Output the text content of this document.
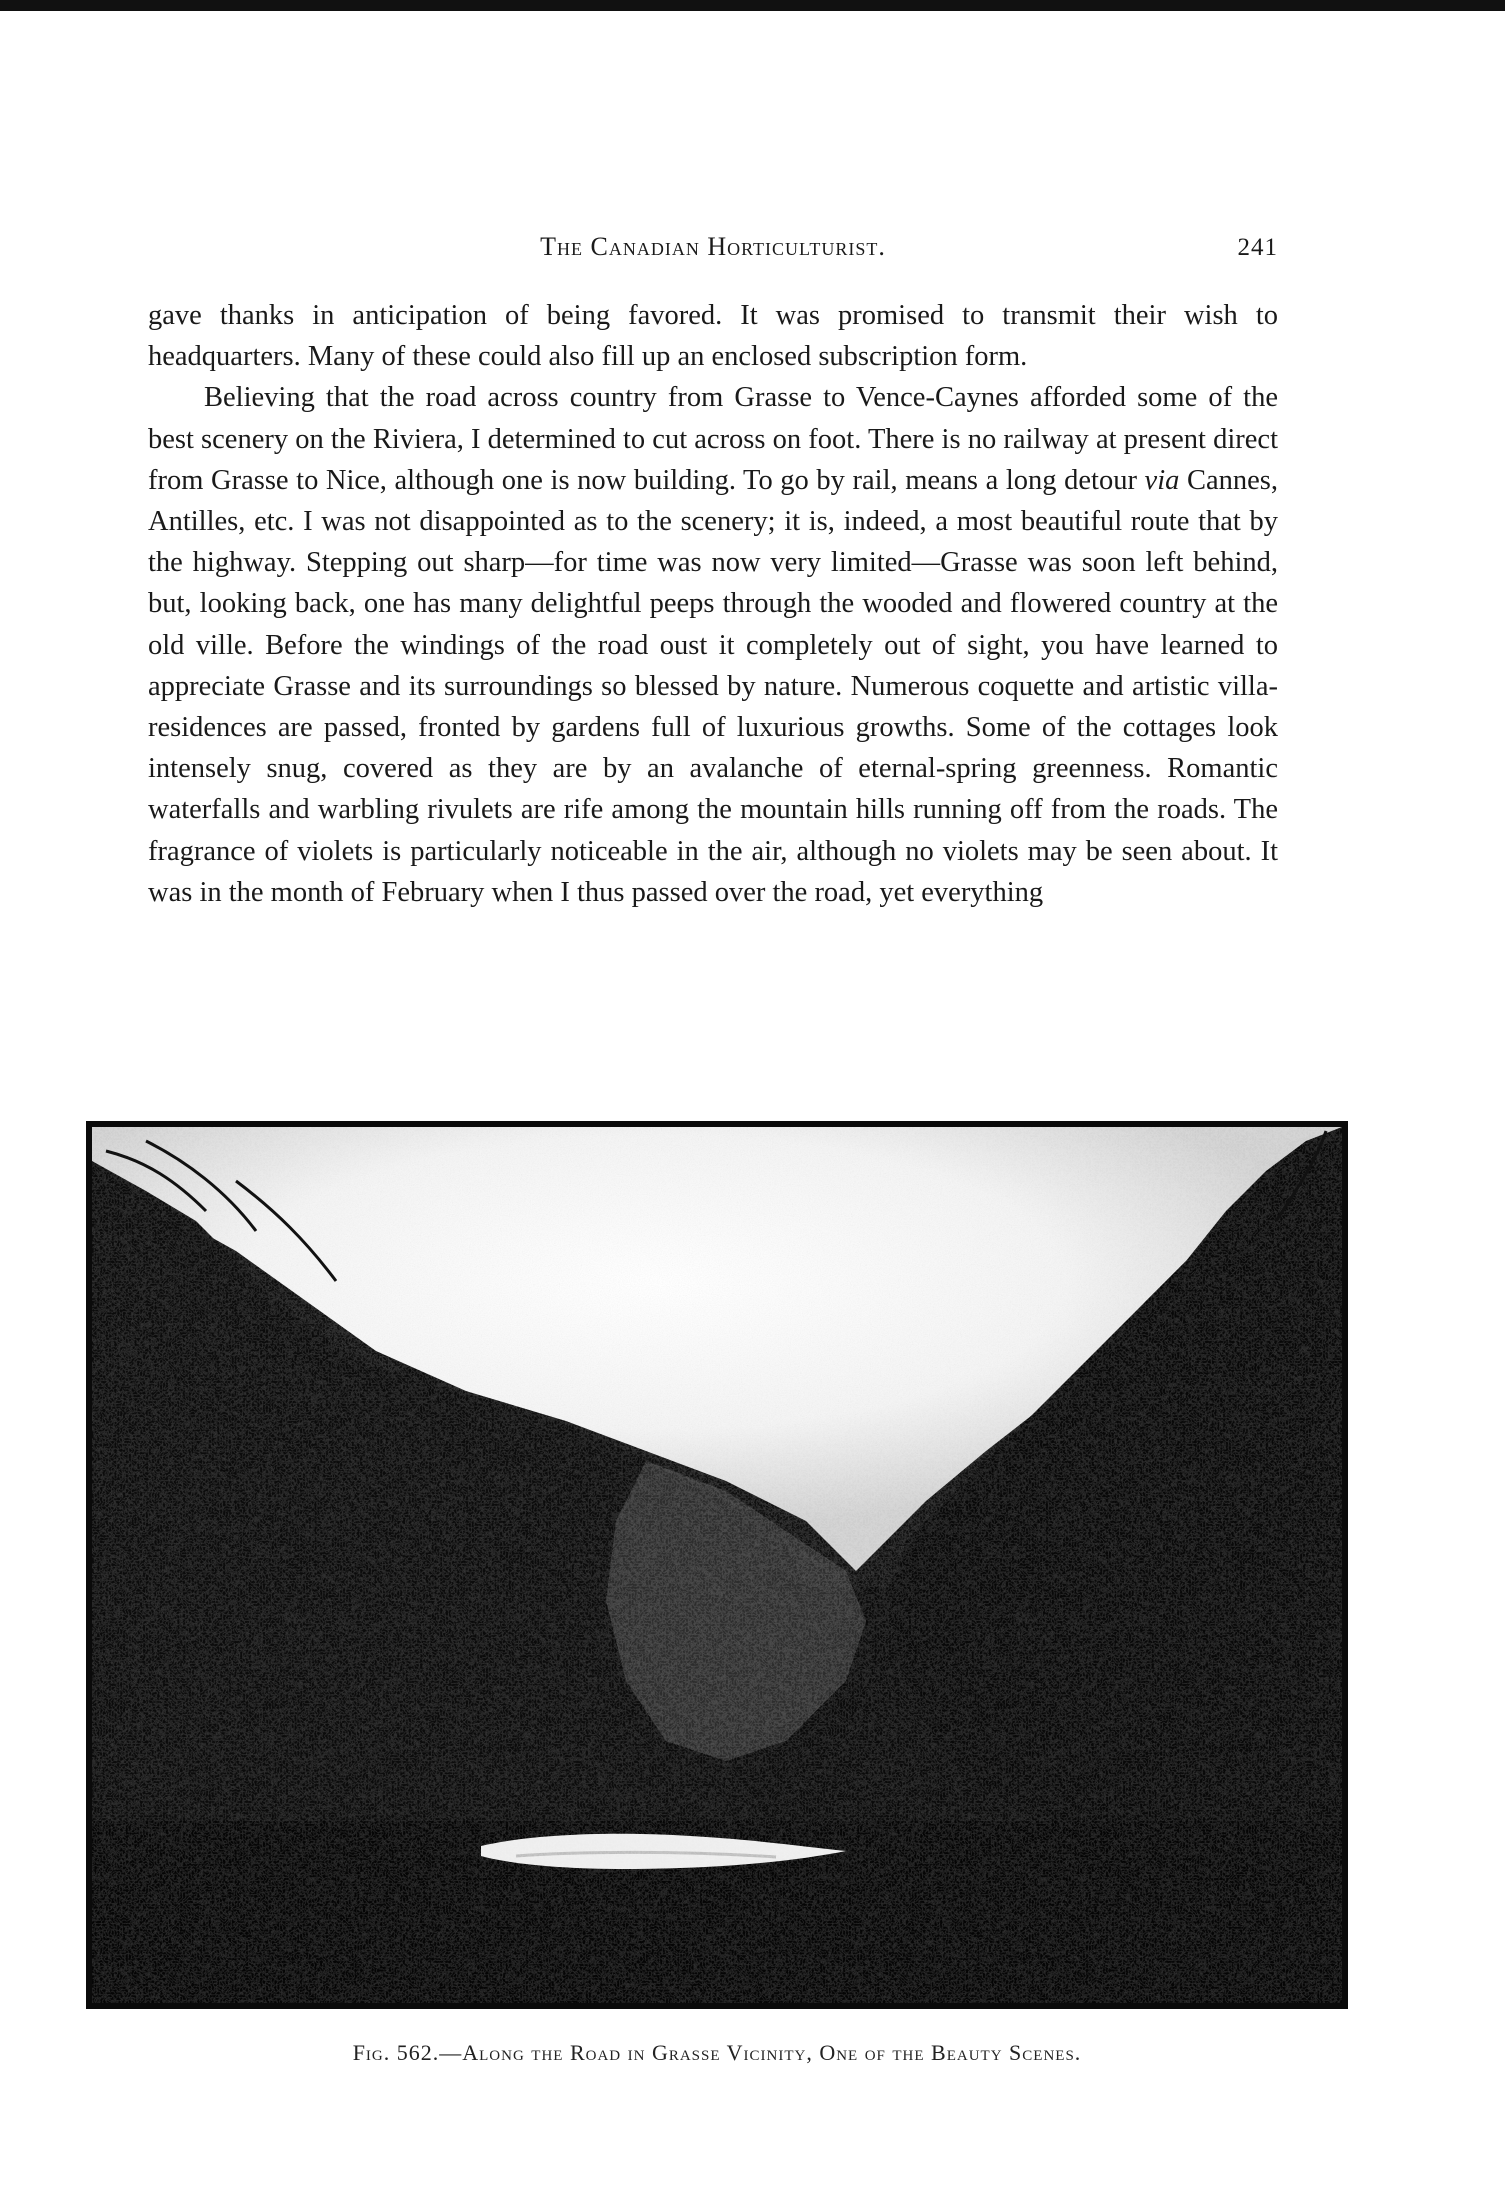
The Canadian Horticulturist.	241

gave thanks in anticipation of being favored. It was promised to transmit their wish to headquarters. Many of these could also fill up an enclosed subscription form.

Believing that the road across country from Grasse to Vence-Caynes afforded some of the best scenery on the Riviera, I determined to cut across on foot. There is no railway at present direct from Grasse to Nice, although one is now building. To go by rail, means a long detour via Cannes, Antilles, etc. I was not disappointed as to the scenery; it is, indeed, a most beautiful route that by the highway. Stepping out sharp—for time was now very limited—Grasse was soon left behind, but, looking back, one has many delightful peeps through the wooded and flowered country at the old ville. Before the windings of the road oust it completely out of sight, you have learned to appreciate Grasse and its surroundings so blessed by nature. Numerous coquette and artistic villa-residences are passed, fronted by gardens full of luxurious growths. Some of the cottages look intensely snug, covered as they are by an avalanche of eternal-spring greenness. Romantic waterfalls and warbling rivulets are rife among the mountain hills running off from the roads. The fragrance of violets is particularly noticeable in the air, although no violets may be seen about. It was in the month of February when I thus passed over the road, yet everything

Fig. 562.—Along the Road in Grasse Vicinity, One of the Beauty Scenes.
